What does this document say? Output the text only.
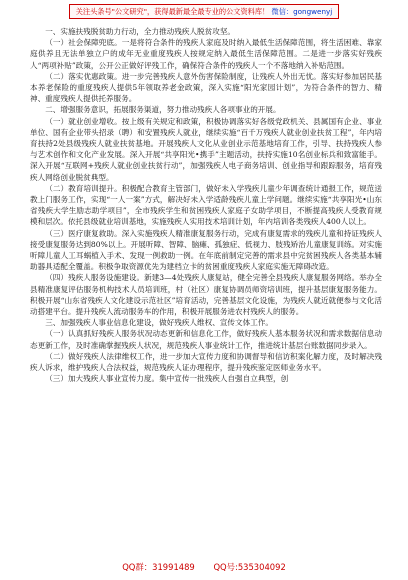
关注头条号"公文研究"，获得最新最全最专业的公文资料库！ 微信：gongwenyj

一、实施扶残脱贫助力行动，全力推动残疾人脱贫攻坚。

（一）社会保障兜底。一是将符合条件的残疾人家庭及时纳入最低生活保障范围，将生活困难、靠家庭供养且无法单独立户的成年无业重度残疾人按规定纳入最低生活保障范围。二是进一步落实好残疾人“两项补贴”政策，公开公正做好评残工作，确保符合条件的残疾人一个不落地纳入补贴范围。

（二）落实优惠政策。进一步完善残疾人意外伤害保险制度，让残疾人外出无忧。落实好参加居民基本养老保险的重度残疾人提供5年领取养老金政策，深入实施“阳光家园计划”，为符合条件的智力、精神、重度残疾人提供托养服务。

二、增强服务意识，拓展服务渠道，努力推动残疾人各项事业的开展。

（一）就业创业增收。按上级有关规定和政策，积极协调落实好各级党政机关、县属国有企业、事业单位、国有企业带头招录（聘）和安置残疾人就业，继续实施“百千万残疾人就业创业扶贫工程”，年内培育扶持2处县级残疾人就业扶贫基地。开展残疾人文化从业创业示范基地培育工作，引导、扶持残疾人参与艺术创作和文化产业发展。深入开展“共享阳光•携手”主题活动，扶持实施10名创业标兵和致富能手。深入开展“互联网+残疾人就业创业扶贫行动”，加强残疾人电子商务培训、创业指导和跟踪服务，培育残疾人网络创业脱贫典型。

（二）教育培训提升。积极配合教育主管部门，做好未入学残疾儿童少年调查统计通报工作，规范送教上门服务工作，实现“一人一案”方式，解决好未入学适龄残疾儿童上学问题。继续实施“共享阳光•山东省残疾大学生励志助学项目”，全市残疾学生和贫困残疾人家庭子女助学项目，不断提高残疾人受教育规模和层次。依托县级就业培训基地，实施残疾人实用技术培训计划，年内培训各类残疾人400人以上。

（三）医疗康复救助。深入实施残疾人精准康复服务行动，完成有康复需求的残疾儿童和持证残疾人接受康复服务达到80%以上。开展听障、智障、脑瘫、孤独症、低视力、肢残矫治儿童康复训练。对实施听障儿童人工耳蜗植入手术、发现一例救助一例。在年底前制定完善的需求县中完贫困残疾人各类基本辅助器具适配全覆盖。积极争取资源优先为建档立卡的贫困重度残疾人家庭实施无障碍改造。

（四）残疾人服务设施建设。新建3—4处残疾人康复站，健全完善全县残疾人康复服务网络。举办全县精准康复评估服务机构技术人员培训班，村（社区）康复协调员师资培训班，提升基层康复服务能力。积极开展“山东省残疾人文化建设示范社区”培育活动，完善基层文化设施，为残疾人就近就便参与文化活动搭建平台。提升残疾人流动服务车的作用，积极开展服务进农村残疾人的服务。

三、加强残疾人事业信息化建设，做好残疾人维权、宣传文体工作。

（一）认真抓好残疾人服务状况动态更新和信息化工作，做好残疾人基本服务状况和需求数据信息动态更新工作，及时准确掌握残疾人状况，规范残疾人事业统计工作，推进统计基层台账数据同步录入。

（二）做好残疾人法律维权工作，进一步加大宣传力度和协调督导和信访积案化解力度，及时解决残疾人诉求，维护残疾人合法权益，规范残疾人证办理程序，提升残疾鉴定医师业务水平。

（三）加大残疾人事业宣传力度。集中宣传一批残疾人自强自立典型，创

QQ群：31991489 QQ号:535304092
